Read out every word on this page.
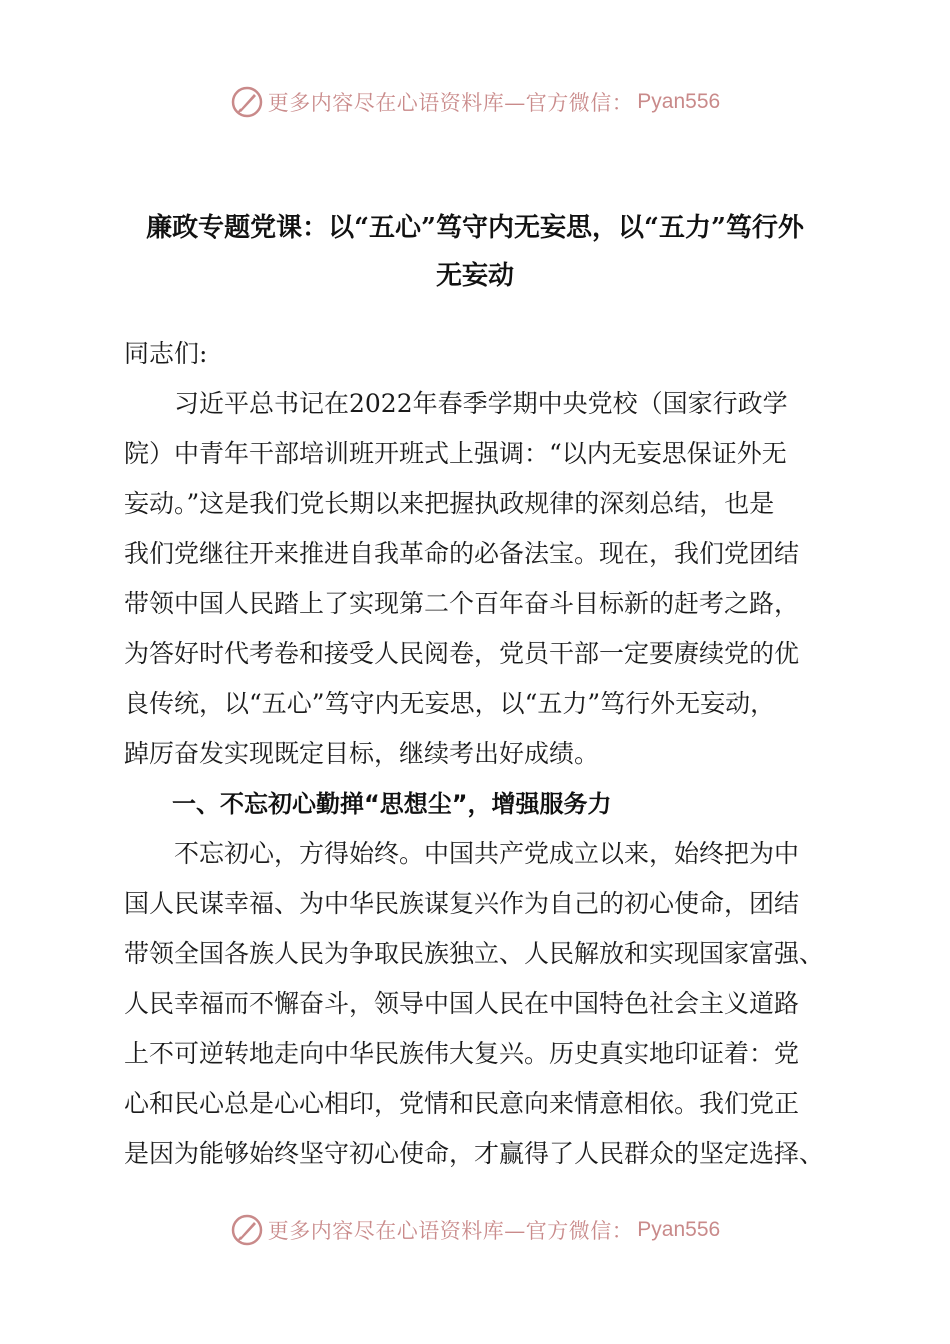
更多内容尽在心语资料库—官方微信： Pyan556
廉政专题党课：以“五心”笃守内无妄思，以“五力”笃行外
无妄动
同志们:
习近平总书记在2022年春季学期中央党校（国家行政学
院）中青年干部培训班开班式上强调：“以内无妄思保证外无
妄动。”这是我们党长期以来把握执政规律的深刻总结，也是
我们党继往开来推进自我革命的必备法宝。现在，我们党团结
带领中国人民踏上了实现第二个百年奋斗目标新的赶考之路，
为答好时代考卷和接受人民阅卷，党员干部一定要赓续党的优
良传统，以“五心”笃守内无妄思，以“五力”笃行外无妄动，
踔厉奋发实现既定目标，继续考出好成绩。
一、不忘初心勤掸“思想尘”，增强服务力
不忘初心，方得始终。中国共产党成立以来，始终把为中
国人民谋幸福、为中华民族谋复兴作为自己的初心使命，团结
带领全国各族人民为争取民族独立、人民解放和实现国家富强、
人民幸福而不懈奋斗，领导中国人民在中国特色社会主义道路
上不可逆转地走向中华民族伟大复兴。历史真实地印证着：党
心和民心总是心心相印，党情和民意向来情意相依。我们党正
是因为能够始终坚守初心使命，才赢得了人民群众的坚定选择、
更多内容尽在心语资料库—官方微信： Pyan556
